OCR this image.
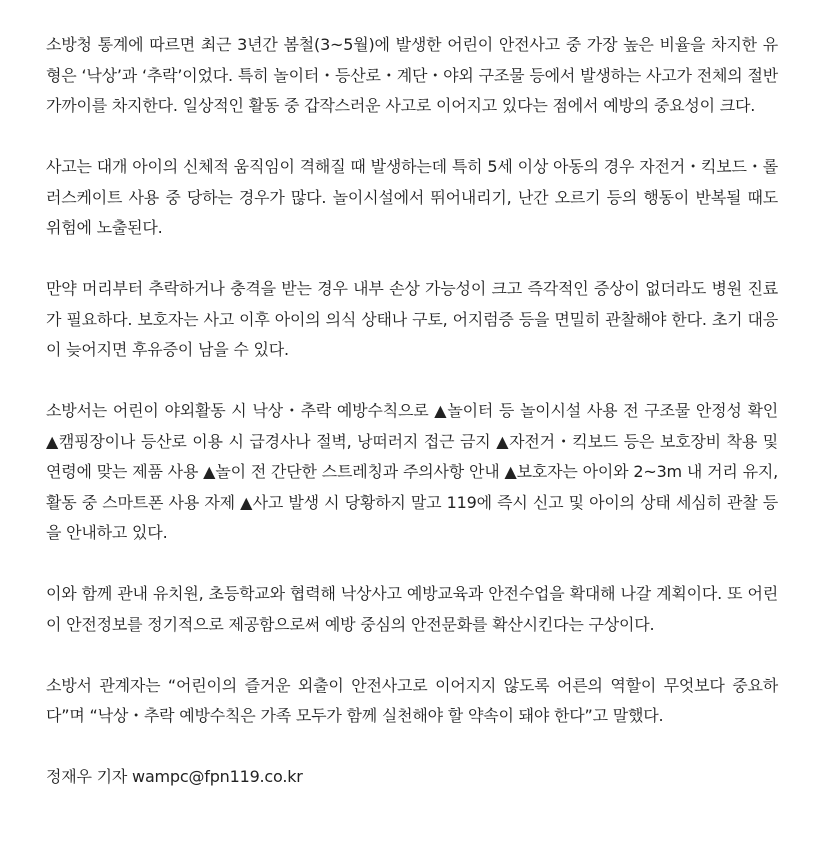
소방청 통계에 따르면 최근 3년간 봄철(3~5월)에 발생한 어린이 안전사고 중 가장 높은 비율을 차지한 유형은 ‘낙상’과 ‘추락’이었다. 특히 놀이터・등산로・계단・야외 구조물 등에서 발생하는 사고가 전체의 절반 가까이를 차지한다. 일상적인 활동 중 갑작스러운 사고로 이어지고 있다는 점에서 예방의 중요성이 크다.

사고는 대개 아이의 신체적 움직임이 격해질 때 발생하는데 특히 5세 이상 아동의 경우 자전거・킥보드・롤러스케이트 사용 중 당하는 경우가 많다. 놀이시설에서 뛰어내리기, 난간 오르기 등의 행동이 반복될 때도 위험에 노출된다.

만약 머리부터 추락하거나 충격을 받는 경우 내부 손상 가능성이 크고 즉각적인 증상이 없더라도 병원 진료가 필요하다. 보호자는 사고 이후 아이의 의식 상태나 구토, 어지럼증 등을 면밀히 관찰해야 한다. 초기 대응이 늦어지면 후유증이 남을 수 있다.

소방서는 어린이 야외활동 시 낙상・추락 예방수칙으로 ▲놀이터 등 놀이시설 사용 전 구조물 안정성 확인 ▲캠핑장이나 등산로 이용 시 급경사나 절벽, 낭떠러지 접근 금지 ▲자전거・킥보드 등은 보호장비 착용 및 연령에 맞는 제품 사용 ▲놀이 전 간단한 스트레칭과 주의사항 안내 ▲보호자는 아이와 2~3m 내 거리 유지, 활동 중 스마트폰 사용 자제 ▲사고 발생 시 당황하지 말고 119에 즉시 신고 및 아이의 상태 세심히 관찰 등을 안내하고 있다.

이와 함께 관내 유치원, 초등학교와 협력해 낙상사고 예방교육과 안전수업을 확대해 나갈 계획이다. 또 어린이 안전정보를 정기적으로 제공함으로써 예방 중심의 안전문화를 확산시킨다는 구상이다.

소방서 관계자는 “어린이의 즐거운 외출이 안전사고로 이어지지 않도록 어른의 역할이 무엇보다 중요하다”며 “낙상・추락 예방수칙은 가족 모두가 함께 실천해야 할 약속이 돼야 한다”고 말했다.

정재우 기자 wampc@fpn119.co.kr
